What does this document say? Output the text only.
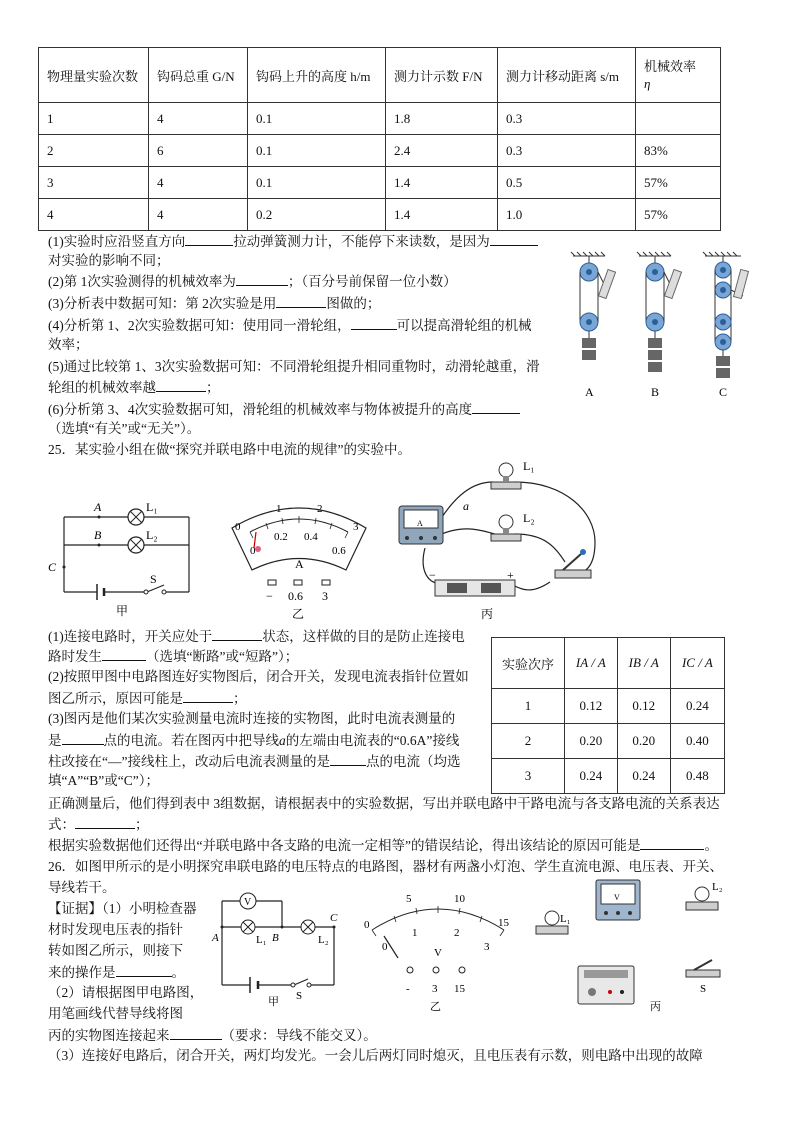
物理量实验次数	钩码总重 G/N	钩码上升的高度 h/m	测力计示数 F/N	测力计移动距离 s/m	机械效率
η
1	4	0.1	1.8	0.3	
2	6	0.1	2.4	0.3	83%
3	4	0.1	1.4	0.5	57%
4	4	0.2	1.4	1.0	57%
(1)实验时应沿竖直方向	拉动弹簧测力计，不能停下来读数，是因为
对实验的影响不同；
(2)第 1次实验测得的机械效率为	；（百分号前保留一位小数）
(3)分析表中数据可知：第 2次实验是用	图做的；
(4)分析第 1、2次实验数据可知：使用同一滑轮组，	可以提高滑轮组的机械
效率；
(5)通过比较第 1、3次实验数据可知：不同滑轮组提升相同重物时，动滑轮越重，滑
轮组的机械效率越	；
(6)分析第 3、4次实验数据可知，滑轮组的机械效率与物体被提升的高度
（选填“有关”或“无关”）。
A	B	C
25．某实验小组在做“探究并联电路中电流的规律”的实验中。
A
B
C
L₁
L₂
S
甲
0
1	2
3
0
0.2 0.4
0.6
A
− 0.6 3
乙
A
a
L₁
L₂
−	+
丙
(1)连接电路时，开关应处于	状态，这样做的目的是防止连接电
路时发生	（选填“断路”或“短路”）；
(2)按照甲图中电路图连好实物图后，闭合开关，发现电流表指针位置如
图乙所示，原因可能是	；
(3)图丙是他们某次实验测量电流时连接的实物图，此时电流表测量的
是	点的电流。若在图丙中把导线a的左端由电流表的“0.6A”接线
柱改接在“—”接线柱上，改动后电流表测量的是	点的电流（均选
填“A”“B”或“C”）；
正确测量后，他们得到表中 3组数据，请根据表中的实验数据，写出并联电路中干路电流与各支路电流的关系表达
式：	；
根据实验数据他们还得出“并联电路中各支路的电流一定相等”的错误结论，得出该结论的原因可能是	。
实验次序	IA / A	IB / A	IC / A
1	0.12	0.12	0.24
2	0.20	0.20	0.40
3	0.24	0.24	0.48
26．如图甲所示的是小明探究串联电路的电压特点的电路图，器材有两盏小灯泡、学生直流电源、电压表、开关、
导线若干。
【证据】（1）小明检查器
材时发现电压表的指针
转如图乙所示，则接下
来的操作是	。
（2）请根据图甲电路图，
用笔画线代替导线将图
丙的实物图连接起来	（要求：导线不能交叉）。
（3）连接好电路后，闭合开关，两灯均发光。一会儿后两灯同时熄灭，且电压表有示数，则电路中出现的故障
V
A	L₁ B	L₂
C
S
甲
0
5	10
15
0
1	2
3
V
- 3 15
乙
V
L₁
L₂
S
丙
